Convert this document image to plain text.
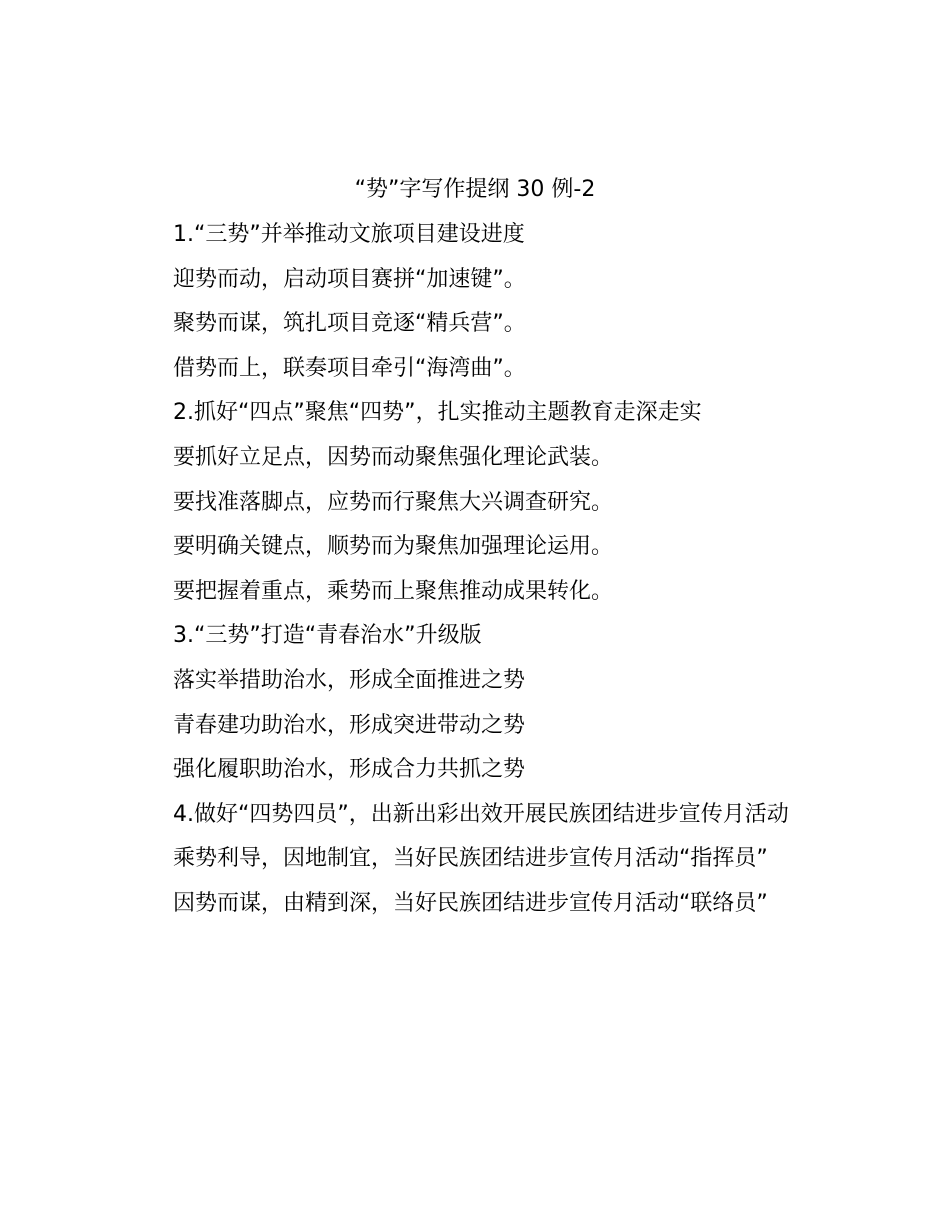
“势”字写作提纲 30 例-2

1.“三势”并举推动文旅项目建设进度

迎势而动，启动项目赛拼“加速键”。

聚势而谋，筑扎项目竞逐“精兵营”。

借势而上，联奏项目牵引“海湾曲”。

2.抓好“四点”聚焦“四势”，扎实推动主题教育走深走实

要抓好立足点，因势而动聚焦强化理论武装。

要找准落脚点，应势而行聚焦大兴调查研究。

要明确关键点，顺势而为聚焦加强理论运用。

要把握着重点，乘势而上聚焦推动成果转化。

3.“三势”打造“青春治水”升级版

落实举措助治水，形成全面推进之势

青春建功助治水，形成突进带动之势

强化履职助治水，形成合力共抓之势

4.做好“四势四员”，出新出彩出效开展民族团结进步宣传月活动

乘势利导，因地制宜，当好民族团结进步宣传月活动“指挥员”

因势而谋，由精到深，当好民族团结进步宣传月活动“联络员”
